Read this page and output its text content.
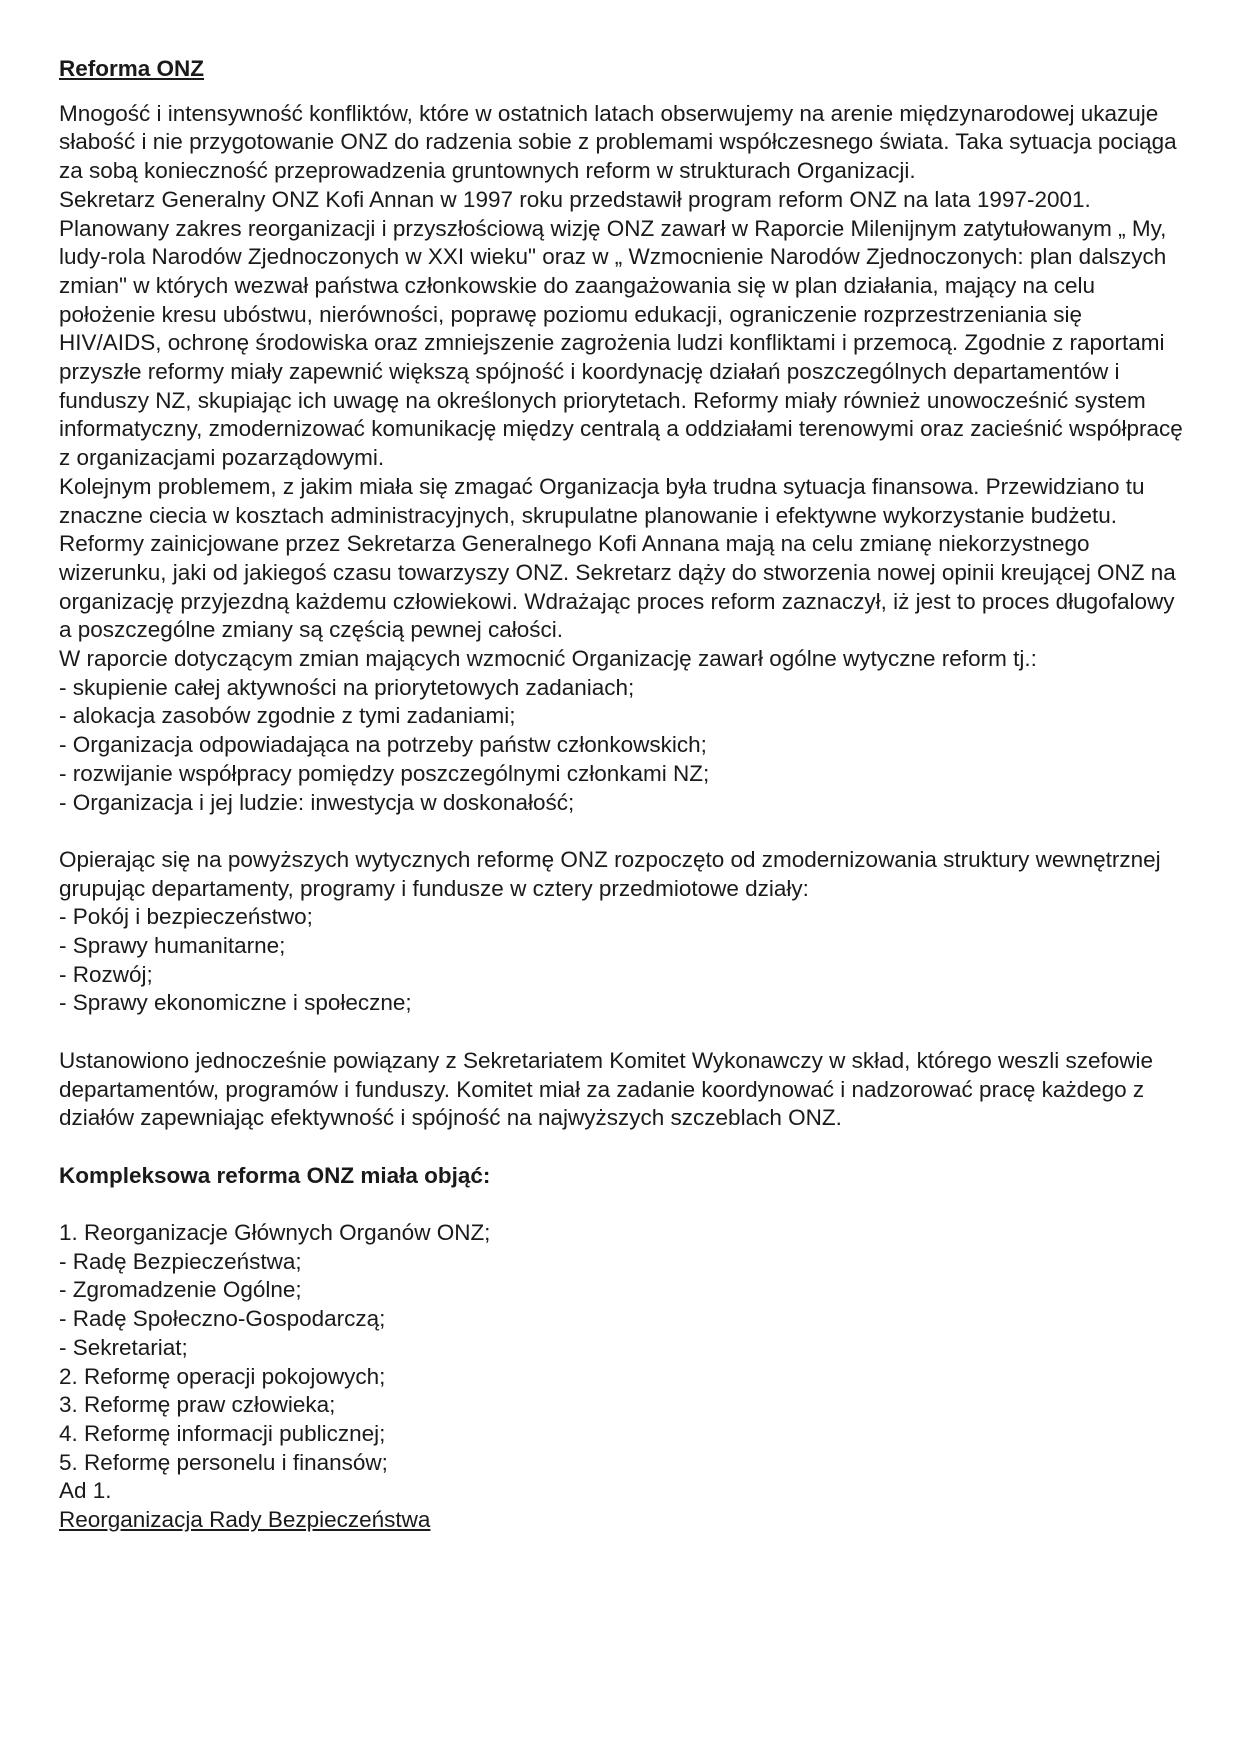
Reforma ONZ

Mnogość i intensywność konfliktów, które w ostatnich latach obserwujemy na arenie międzynarodowej ukazuje słabość i nie przygotowanie ONZ do radzenia sobie z problemami współczesnego świata. Taka sytuacja pociąga za sobą konieczność przeprowadzenia gruntownych reform w strukturach Organizacji.

Sekretarz Generalny ONZ Kofi Annan w 1997 roku przedstawił program reform ONZ na lata 1997-2001. Planowany zakres reorganizacji i przyszłościową wizję ONZ zawarł w Raporcie Milenijnym zatytułowanym „ My, ludy-rola Narodów Zjednoczonych w XXI wieku" oraz w „ Wzmocnienie Narodów Zjednoczonych: plan dalszych zmian" w których wezwał państwa członkowskie do zaangażowania się w plan działania, mający na celu położenie kresu ubóstwu, nierówności, poprawę poziomu edukacji, ograniczenie rozprzestrzeniania się HIV/AIDS, ochronę środowiska oraz zmniejszenie zagrożenia ludzi konfliktami i przemocą. Zgodnie z raportami przyszłe reformy miały zapewnić większą spójność i koordynację działań poszczególnych departamentów i funduszy NZ, skupiając ich uwagę na określonych priorytetach. Reformy miały również unowocześnić system informatyczny, zmodernizować komunikację między centralą a oddziałami terenowymi oraz zacieśnić współpracę z organizacjami pozarządowymi.

Kolejnym problemem, z jakim miała się zmagać Organizacja była trudna sytuacja finansowa. Przewidziano tu znaczne ciecia w kosztach administracyjnych, skrupulatne planowanie i efektywne wykorzystanie budżetu.

Reformy zainicjowane przez Sekretarza Generalnego Kofi Annana mają na celu zmianę niekorzystnego wizerunku, jaki od jakiegoś czasu towarzyszy ONZ. Sekretarz dąży do stworzenia nowej opinii kreującej ONZ na organizację przyjezdną każdemu człowiekowi. Wdrażając proces reform zaznaczył, iż jest to proces długofalowy a poszczególne zmiany są częścią pewnej całości.

W raporcie dotyczącym zmian mających wzmocnić Organizację zawarł ogólne wytyczne reform tj.:

- skupienie całej aktywności na priorytetowych zadaniach;

- alokacja zasobów zgodnie z tymi zadaniami;

- Organizacja odpowiadająca na potrzeby państw członkowskich;

- rozwijanie współpracy pomiędzy poszczególnymi członkami NZ;

- Organizacja i jej ludzie: inwestycja w doskonałość;

Opierając się na powyższych wytycznych reformę ONZ rozpoczęto od zmodernizowania struktury wewnętrznej grupując departamenty, programy i fundusze w cztery przedmiotowe działy:

- Pokój i bezpieczeństwo;

- Sprawy humanitarne;

- Rozwój;

- Sprawy ekonomiczne i społeczne;

Ustanowiono jednocześnie powiązany z Sekretariatem Komitet Wykonawczy w skład, którego weszli szefowie departamentów, programów i funduszy. Komitet miał za zadanie koordynować i nadzorować pracę każdego z działów zapewniając efektywność i spójność na najwyższych szczeblach ONZ.

Kompleksowa reforma ONZ miała objąć:

1. Reorganizacje Głównych Organów ONZ;

- Radę Bezpieczeństwa;

- Zgromadzenie Ogólne;

- Radę Społeczno-Gospodarczą;

- Sekretariat;

2. Reformę operacji pokojowych;

3. Reformę praw człowieka;

4. Reformę informacji publicznej;

5. Reformę personelu i finansów;

Ad 1.

Reorganizacja Rady Bezpieczeństwa
